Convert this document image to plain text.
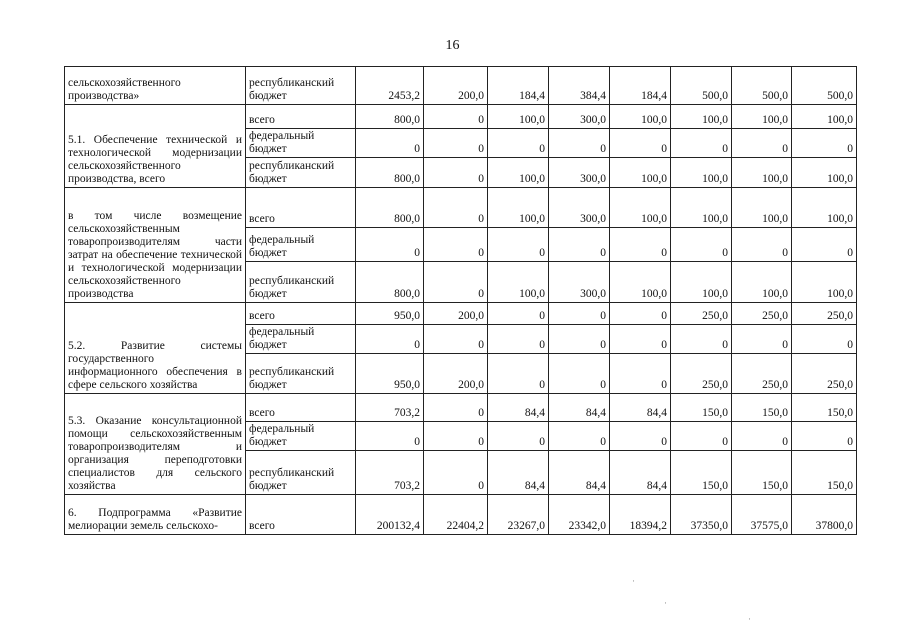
16
сельскохозяйственного производства»	республиканский бюджет	2453,2	200,0	184,4	384,4	184,4	500,0	500,0	500,0
5.1. Обеспечение технической и технологической модернизации сельскохозяйственного производства, всего	всего	800,0	0	100,0	300,0	100,0	100,0	100,0	100,0
	федеральный бюджет	0	0	0	0	0	0	0	0
	республиканский бюджет	800,0	0	100,0	300,0	100,0	100,0	100,0	100,0
в том числе возмещение сельскохозяйственным товаропроизводителям части затрат на обеспечение технической и технологической модернизации сельскохозяйственного производства	всего	800,0	0	100,0	300,0	100,0	100,0	100,0	100,0
	федеральный бюджет	0	0	0	0	0	0	0	0
	республиканский бюджет	800,0	0	100,0	300,0	100,0	100,0	100,0	100,0
5.2. Развитие системы государственного информационного обеспечения в сфере сельского хозяйства	всего	950,0	200,0	0	0	0	250,0	250,0	250,0
	федеральный бюджет	0	0	0	0	0	0	0	0
	республиканский бюджет	950,0	200,0	0	0	0	250,0	250,0	250,0
5.3. Оказание консультационной помощи сельскохозяйственным товаропроизводителям и организация переподготовки специалистов для сельского хозяйства	всего	703,2	0	84,4	84,4	84,4	150,0	150,0	150,0
	федеральный бюджет	0	0	0	0	0	0	0	0
	республиканский бюджет	703,2	0	84,4	84,4	84,4	150,0	150,0	150,0
6. Подпрограмма «Развитие мелиорации земель сельскохо-	всего	200132,4	22404,2	23267,0	23342,0	18394,2	37350,0	37575,0	37800,0
·
·
·
